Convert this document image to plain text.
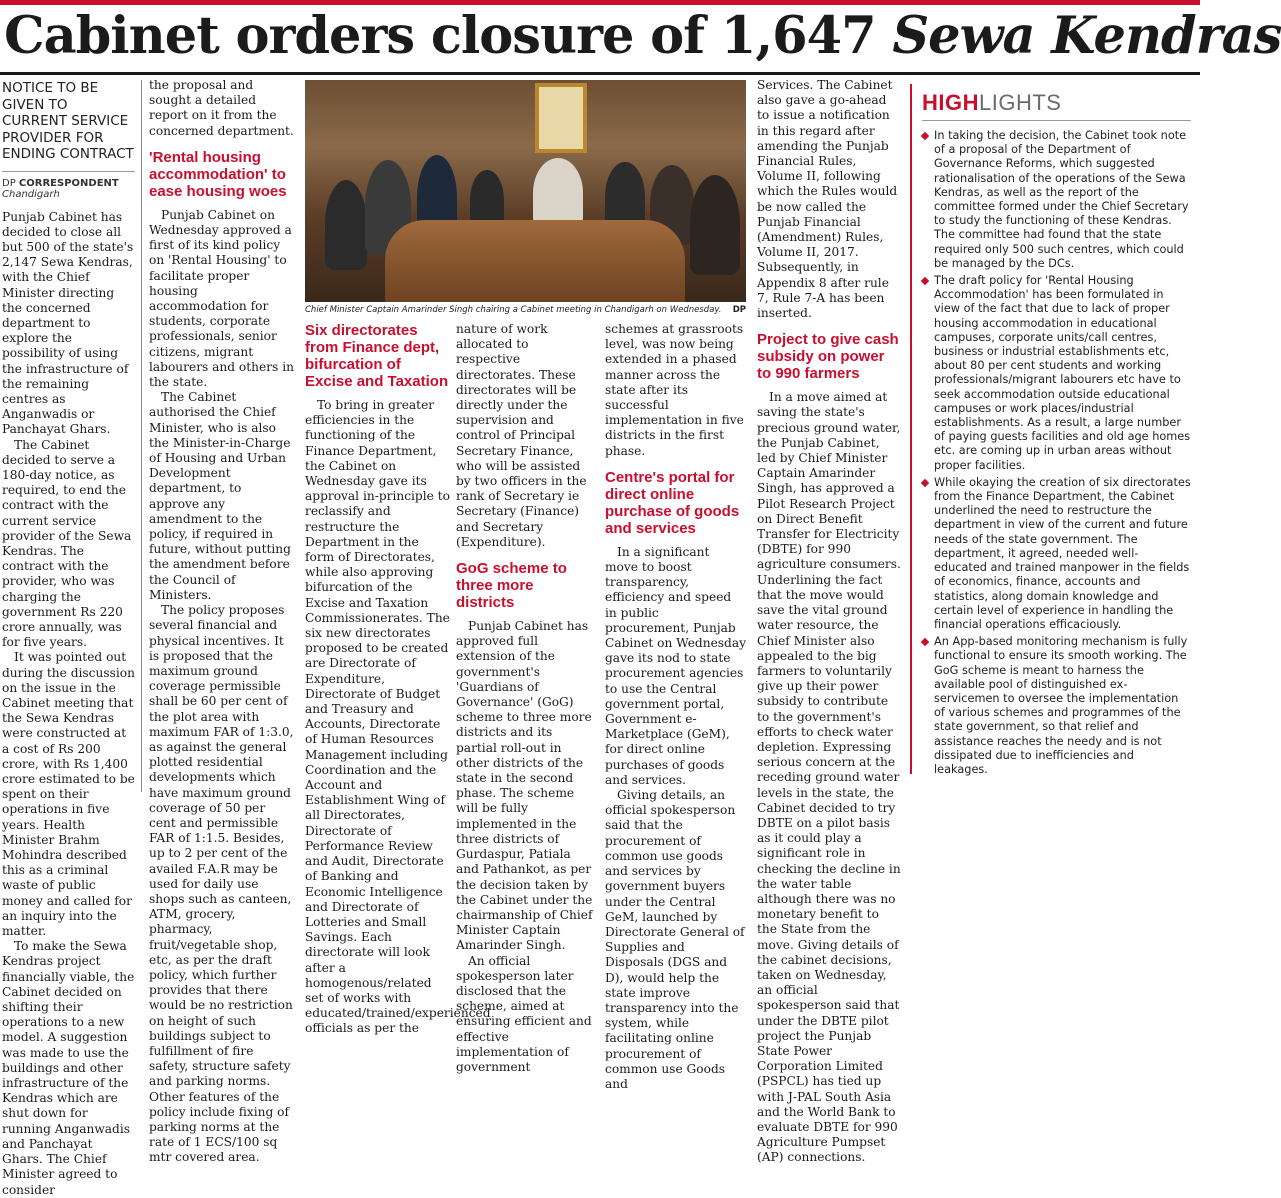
Cabinet orders closure of 1,647 Sewa Kendras
NOTICE TO BE GIVEN TO CURRENT SERVICE PROVIDER FOR ENDING CONTRACT
DP CORRESPONDENT
Chandigarh

Punjab Cabinet has decided to close all but 500 of the state's 2,147 Sewa Kendras, with the Chief Minister directing the concerned department to explore the possibility of using the infrastructure of the remaining centres as Anganwadis or Panchayat Ghars.

The Cabinet decided to serve a 180-day notice, as required, to end the contract with the current service provider of the Sewa Kendras. The contract with the provider, who was charging the government Rs 220 crore annually, was for five years.

It was pointed out during the discussion on the issue in the Cabinet meeting that the Sewa Kendras were constructed at a cost of Rs 200 crore, with Rs 1,400 crore estimated to be spent on their operations in five years. Health Minister Brahm Mohindra described this as a criminal waste of public money and called for an inquiry into the matter.

To make the Sewa Kendras project financially viable, the Cabinet decided on shifting their operations to a new model. A suggestion was made to use the buildings and other infrastructure of the Kendras which are shut down for running Anganwadis and Panchayat Ghars. The Chief Minister agreed to consider

the proposal and sought a detailed report on it from the concerned department.

'Rental housing accommodation' to ease housing woes

Punjab Cabinet on Wednesday approved a first of its kind policy on 'Rental Housing' to facilitate proper housing accommodation for students, corporate professionals, senior citizens, migrant labourers and others in the state.

The Cabinet authorised the Chief Minister, who is also the Minister-in-Charge of Housing and Urban Development department, to approve any amendment to the policy, if required in future, without putting the amendment before the Council of Ministers.

The policy proposes several financial and physical incentives. It is proposed that the maximum ground coverage permissible shall be 60 per cent of the plot area with maximum FAR of 1:3.0, as against the general plotted residential developments which have maximum ground coverage of 50 per cent and permissible FAR of 1:1.5. Besides, up to 2 per cent of the availed F.A.R may be used for daily use shops such as canteen, ATM, grocery, pharmacy, fruit/vegetable shop, etc, as per the draft policy, which further provides that there would be no restriction on height of such buildings subject to fulfillment of fire safety, structure safety and parking norms. Other features of the policy include fixing of parking norms at the rate of 1 ECS/100 sq mtr covered area.

Chief Minister Captain Amarinder Singh chairing a Cabinet meeting in Chandigarh on Wednesday. DP
Six directorates from Finance dept, bifurcation of Excise and Taxation

To bring in greater efficiencies in the functioning of the Finance Department, the Cabinet on Wednesday gave its approval in-principle to reclassify and restructure the Department in the form of Directorates, while also approving bifurcation of the Excise and Taxation Commissionerates. The six new directorates proposed to be created are Directorate of Expenditure, Directorate of Budget and Treasury and Accounts, Directorate of Human Resources Management including Coordination and the Account and Establishment Wing of all Directorates, Directorate of Performance Review and Audit, Directorate of Banking and Economic Intelligence and Directorate of Lotteries and Small Savings. Each directorate will look after a homogenous/related set of works with educated/trained/experienced officials as per the

nature of work allocated to respective directorates. These directorates will be directly under the supervision and control of Principal Secretary Finance, who will be assisted by two officers in the rank of Secretary ie Secretary (Finance) and Secretary (Expenditure).

GoG scheme to three more districts

Punjab Cabinet has approved full extension of the government's 'Guardians of Governance' (GoG) scheme to three more districts and its partial roll-out in other districts of the state in the second phase. The scheme will be fully implemented in the three districts of Gurdaspur, Patiala and Pathankot, as per the decision taken by the Cabinet under the chairmanship of Chief Minister Captain Amarinder Singh.

An official spokesperson later disclosed that the scheme, aimed at ensuring efficient and effective implementation of government

schemes at grassroots level, was now being extended in a phased manner across the state after its successful implementation in five districts in the first phase.

Centre's portal for direct online purchase of goods and services

In a significant move to boost transparency, efficiency and speed in public procurement, Punjab Cabinet on Wednesday gave its nod to state procurement agencies to use the Central government portal, Government e-Marketplace (GeM), for direct online purchases of goods and services.

Giving details, an official spokesperson said that the procurement of common use goods and services by government buyers under the Central GeM, launched by Directorate General of Supplies and Disposals (DGS and D), would help the state improve transparency into the system, while facilitating online procurement of common use Goods and

Services. The Cabinet also gave a go-ahead to issue a notification in this regard after amending the Punjab Financial Rules, Volume II, following which the Rules would be now called the Punjab Financial (Amendment) Rules, Volume II, 2017. Subsequently, in Appendix 8 after rule 7, Rule 7-A has been inserted.

Project to give cash subsidy on power to 990 farmers

In a move aimed at saving the state's precious ground water, the Punjab Cabinet, led by Chief Minister Captain Amarinder Singh, has approved a Pilot Research Project on Direct Benefit Transfer for Electricity (DBTE) for 990 agriculture consumers. Underlining the fact that the move would save the vital ground water resource, the Chief Minister also appealed to the big farmers to voluntarily give up their power subsidy to contribute to the government's efforts to check water depletion. Expressing serious concern at the receding ground water levels in the state, the Cabinet decided to try DBTE on a pilot basis as it could play a significant role in checking the decline in the water table although there was no monetary benefit to the State from the move. Giving details of the cabinet decisions, taken on Wednesday, an official spokesperson said that under the DBTE pilot project the Punjab State Power Corporation Limited (PSPCL) has tied up with J-PAL South Asia and the World Bank to evaluate DBTE for 990 Agriculture Pumpset (AP) connections.

HIGHLIGHTS
In taking the decision, the Cabinet took note of a proposal of the Department of Governance Reforms, which suggested rationalisation of the operations of the Sewa Kendras, as well as the report of the committee formed under the Chief Secretary to study the functioning of these Kendras. The committee had found that the state required only 500 such centres, which could be managed by the DCs.
The draft policy for 'Rental Housing Accommodation' has been formulated in view of the fact that due to lack of proper housing accommodation in educational campuses, corporate units/call centres, business or industrial establishments etc, about 80 per cent students and working professionals/migrant labourers etc have to seek accommodation outside educational campuses or work places/industrial establishments. As a result, a large number of paying guests facilities and old age homes etc. are coming up in urban areas without proper facilities.
While okaying the creation of six directorates from the Finance Department, the Cabinet underlined the need to restructure the department in view of the current and future needs of the state government. The department, it agreed, needed well-educated and trained manpower in the fields of economics, finance, accounts and statistics, along domain knowledge and certain level of experience in handling the financial operations efficaciously.
An App-based monitoring mechanism is fully functional to ensure its smooth working. The GoG scheme is meant to harness the available pool of distinguished ex-servicemen to oversee the implementation of various schemes and programmes of the state government, so that relief and assistance reaches the needy and is not dissipated due to inefficiencies and leakages.
